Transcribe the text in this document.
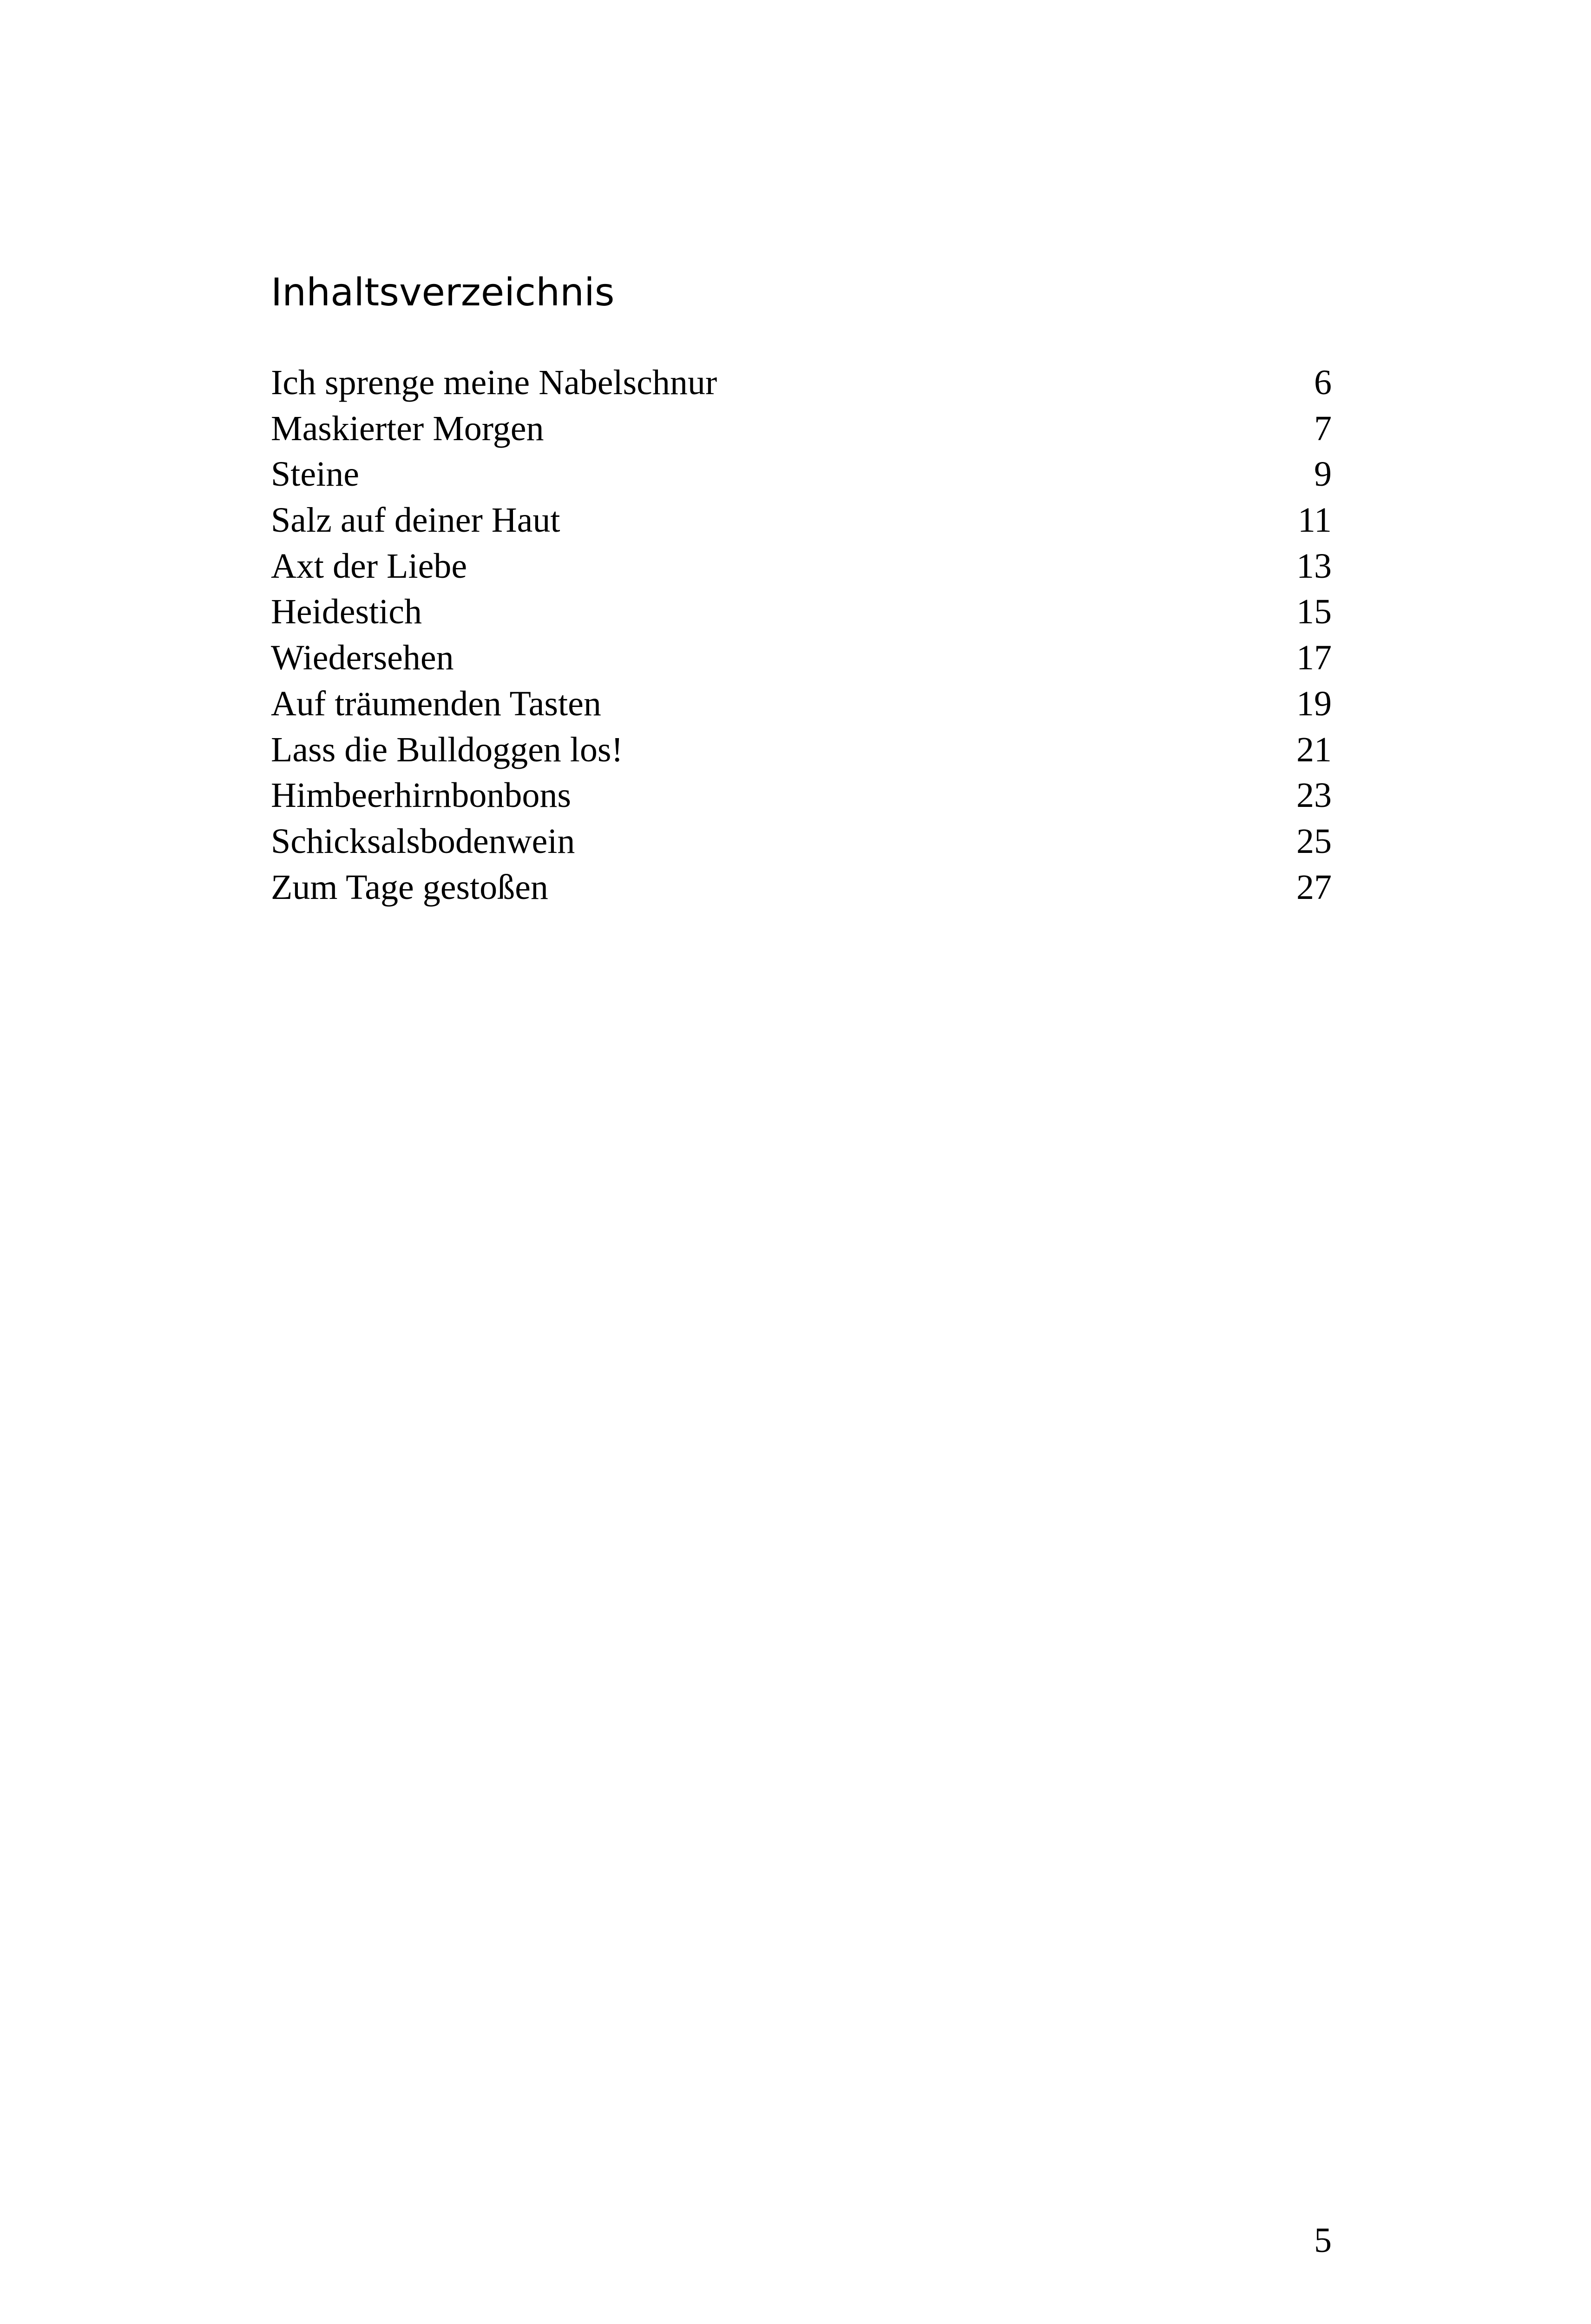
Inhaltsverzeichnis
Ich sprenge meine Nabelschnur	6
Maskierter Morgen	7
Steine	9
Salz auf deiner Haut	11
Axt der Liebe	13
Heidestich	15
Wiedersehen	17
Auf träumenden Tasten	19
Lass die Bulldoggen los!	21
Himbeerhirnbonbons	23
Schicksalsbodenwein	25
Zum Tage gestoßen	27
5
